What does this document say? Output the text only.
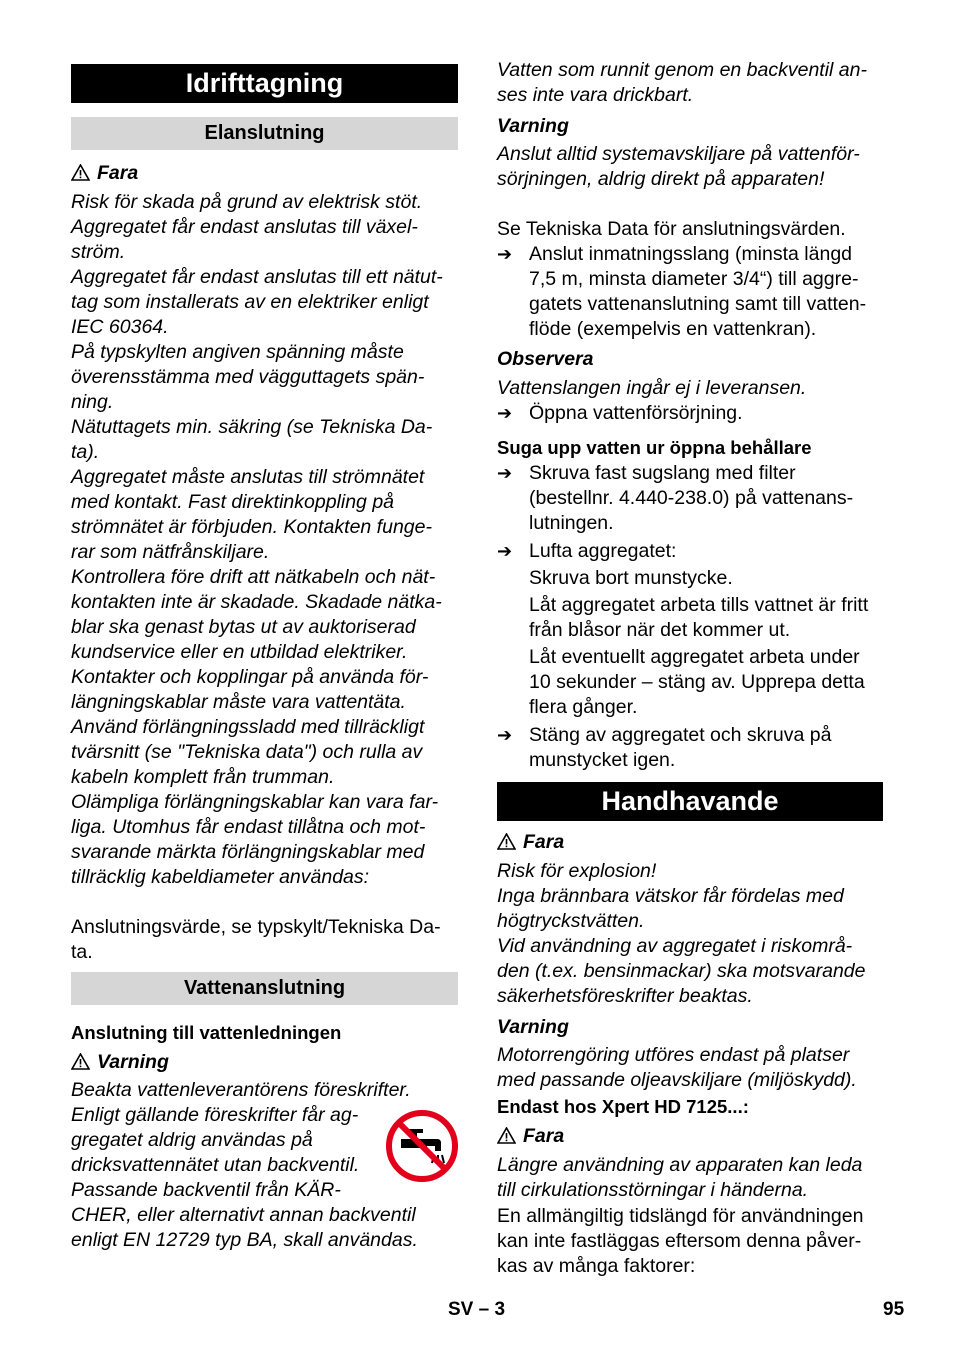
Idrifttagning
Elanslutning
Fara
Risk för skada på grund av elektrisk stöt.
Aggregatet får endast anslutas till växel-
ström.
Aggregatet får endast anslutas till ett nätut-
tag som installerats av en elektriker enligt
IEC 60364.
På typskylten angiven spänning måste
överensstämma med vägguttagets spän-
ning.
Nätuttagets min. säkring (se Tekniska Da-
ta).
Aggregatet måste anslutas till strömnätet
med kontakt. Fast direktinkoppling på
strömnätet är förbjuden. Kontakten funge-
rar som nätfrånskiljare.
Kontrollera före drift att nätkabeln och nät-
kontakten inte är skadade. Skadade nätka-
blar ska genast bytas ut av auktoriserad
kundservice eller en utbildad elektriker.
Kontakter och kopplingar på använda för-
längningskablar måste vara vattentäta.
Använd förlängningssladd med tillräckligt
tvärsnitt (se "Tekniska data") och rulla av
kabeln komplett från trumman.
Olämpliga förlängningskablar kan vara far-
liga. Utomhus får endast tillåtna och mot-
svarande märkta förlängningskablar med
tillräcklig kabeldiameter användas:
Anslutningsvärde, se typskylt/Tekniska Da-
ta.
Vattenanslutning
Anslutning till vattenledningen
Varning
Beakta vattenleverantörens föreskrifter.
Enligt gällande föreskrifter får ag-
gregatet aldrig användas på
dricksvattennätet utan backventil.
Passande backventil från KÄR-
CHER, eller alternativt annan backventil
enligt EN 12729 typ BA, skall användas.
Vatten som runnit genom en backventil an-
ses inte vara drickbart.
Varning
Anslut alltid systemavskiljare på vattenför-
sörjningen, aldrig direkt på apparaten!
Se Tekniska Data för anslutningsvärden.
➔ Anslut inmatningsslang (minsta längd
7,5 m, minsta diameter 3/4“) till aggre-
gatets vattenanslutning samt till vatten-
flöde (exempelvis en vattenkran).
Observera
Vattenslangen ingår ej i leveransen.
➔ Öppna vattenförsörjning.
Suga upp vatten ur öppna behållare
➔ Skruva fast sugslang med filter
(bestellnr. 4.440-238.0) på vattenans-
lutningen.
➔ Lufta aggregatet:
Skruva bort munstycke.
Låt aggregatet arbeta tills vattnet är fritt
från blåsor när det kommer ut.
Låt eventuellt aggregatet arbeta under
10 sekunder – stäng av. Upprepa detta
flera gånger.
➔ Stäng av aggregatet och skruva på
munstycket igen.
Handhavande
Fara
Risk för explosion!
Inga brännbara vätskor får fördelas med
högtryckstvätten.
Vid användning av aggregatet i riskområ-
den (t.ex. bensinmackar) ska motsvarande
säkerhetsföreskrifter beaktas.
Varning
Motorrengöring utföres endast på platser
med passande oljeavskiljare (miljöskydd).
Endast hos Xpert HD 7125...:
Fara
Längre användning av apparaten kan leda
till cirkulationsstörningar i händerna.
En allmängiltig tidslängd för användningen
kan inte fastläggas eftersom denna påver-
kas av många faktorer:
SV – 3	95
